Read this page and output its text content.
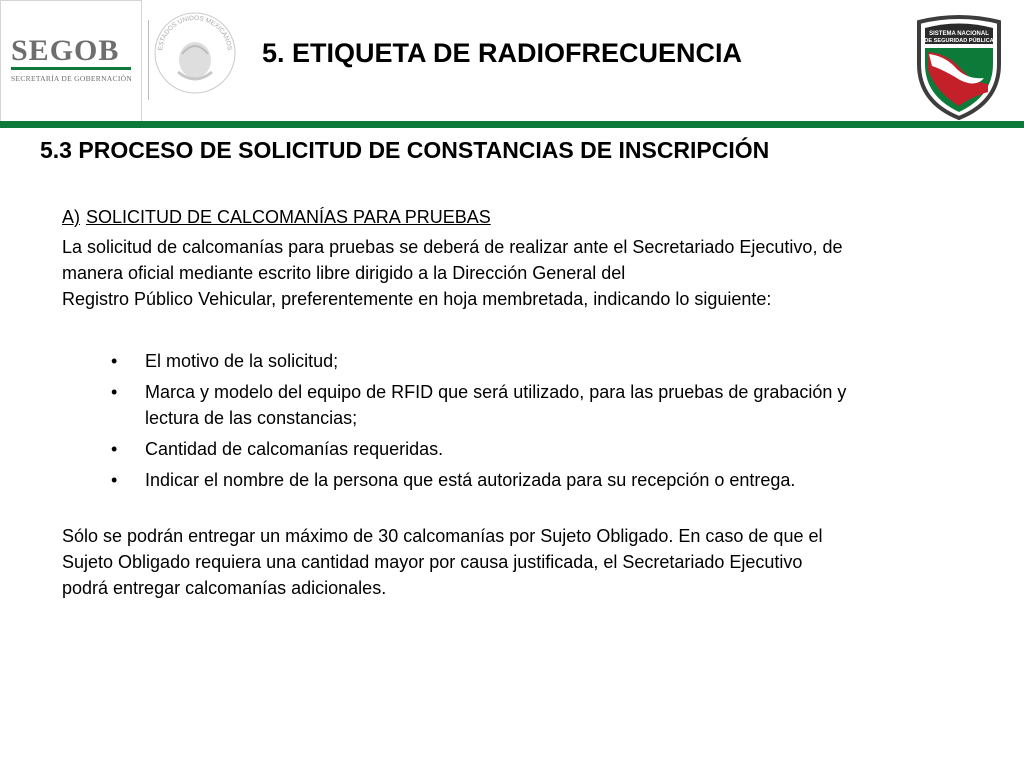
SEGOB
SECRETARÍA DE GOBERNACIÓN
ESTADOS UNIDOS MEXICANOS 5. ETIQUETA DE RADIOFRECUENCIA
SISTEMA NACIONAL
DE SEGURIDAD PÚBLICA
5.3 PROCESO DE SOLICITUD DE CONSTANCIAS DE INSCRIPCIÓN
A) SOLICITUD DE CALCOMANÍAS PARA PRUEBAS

La solicitud de calcomanías para pruebas se deberá de realizar ante el Secretariado Ejecutivo, de
manera oficial mediante escrito libre dirigido a la Dirección General del
Registro Público Vehicular, preferentemente en hoja membretada, indicando lo siguiente:

• El motivo de la solicitud;
• Marca y modelo del equipo de RFID que será utilizado, para las pruebas de grabación y
lectura de las constancias;
• Cantidad de calcomanías requeridas.
• Indicar el nombre de la persona que está autorizada para su recepción o entrega.

Sólo se podrán entregar un máximo de 30 calcomanías por Sujeto Obligado. En caso de que el
Sujeto Obligado requiera una cantidad mayor por causa justificada, el Secretariado Ejecutivo
podrá entregar calcomanías adicionales.
